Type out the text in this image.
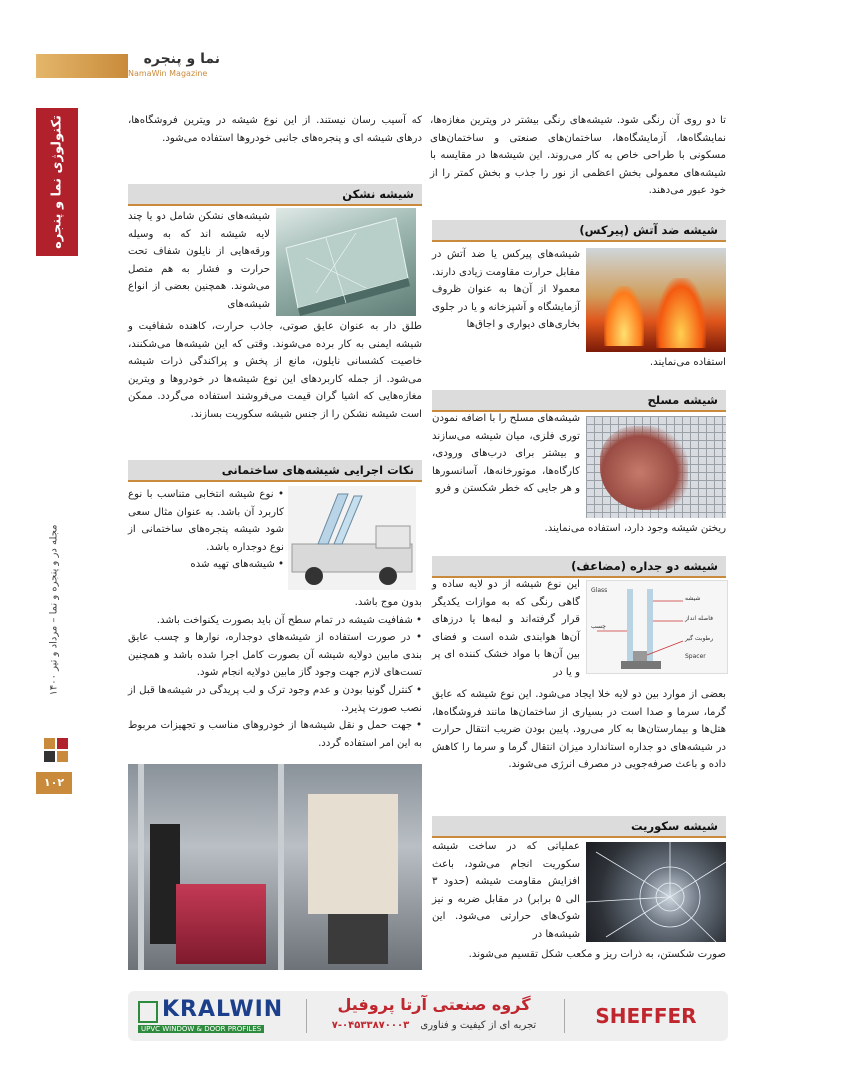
نما و پنجره
NamaWin Magazine
تکنولوژی نما و پنجره
مجله در و پنجره و نما – مرداد و تیر ۱۴۰۰
۱۰۲
تا دو روی آن رنگی شود. شیشه‌های رنگی بیشتر در ویترین مغازه‌ها، نمایشگاه‌ها، آزمایشگاه‌ها، ساختمان‌های صنعتی و ساختمان‌های مسکونی با طراحی خاص به کار می‌روند. این شیشه‌ها در مقایسه با شیشه‌های معمولی بخش اعظمی از نور را جذب و بخش کمتر را از خود عبور می‌دهند.
شیشه ضد آتش (پیرکس)
شیشه‌های پیرکس یا ضد آتش در مقابل حرارت مقاومت زیادی دارند. معمولا از آن‌ها به عنوان ظروف آزمایشگاه و آشپزخانه و یا در جلوی بخاری‌های دیواری و اجاق‌ها
استفاده می‌نمایند.
شیشه مسلح
شیشه‌های مسلح را با اضافه نمودن توری فلزی، میان شیشه می‌سازند و بیشتر برای درب‌های ورودی، کارگاه‌ها، موتورخانه‌ها، آسانسورها و هر جایی که خطر شکستن و فرو
ریختن شیشه وجود دارد، استفاده می‌نمایند.
شیشه دو جداره (مضاعف)
شیشه
فاصله انداز
رطوبت گیر
چسب
Glass
Spacer
این نوع شیشه از دو لایه ساده و گاهی رنگی که به موازات یکدیگر قرار گرفته‌اند و لبه‌ها یا درزهای آن‌ها هوابندی شده است و فضای بین آن‌ها با مواد خشک کننده ای پر و یا در
بعضی از موارد بین دو لایه خلا ایجاد می‌شود. این نوع شیشه که عایق گرما، سرما و صدا است در بسیاری از ساختمان‌ها مانند فروشگاه‌ها، هتل‌ها و بیمارستان‌ها به کار می‌رود. پایین بودن ضریب انتقال حرارت در شیشه‌های دو جداره استاندارد میزان انتقال گرما و سرما را کاهش داده و باعث صرفه‌جویی در مصرف انرژی می‌شوند.
شیشه سکوریت
عملیاتی که در ساخت شیشه سکوریت انجام می‌شود، باعث افزایش مقاومت شیشه (حدود ۳ الی ۵ برابر) در مقابل ضربه و نیز شوک‌های حرارتی می‌شود. این شیشه‌ها در
صورت شکستن، به ذرات ریز و مکعب شکل تقسیم می‌شوند.
که آسیب رسان نیستند. از این نوع شیشه در ویترین فروشگاه‌ها، درهای شیشه ای و پنجره‌های جانبی خودروها استفاده می‌شود.
شیشه نشکن
شیشه‌های نشکن شامل دو یا چند لایه شیشه اند که به وسیله ورقه‌هایی از نایلون شفاف تحت حرارت و فشار به هم متصل می‌شوند. همچنین بعضی از انواع شیشه‌های
طلق دار به عنوان عایق صوتی، جاذب حرارت، کاهنده شفافیت و شیشه ایمنی به کار برده می‌شوند. وقتی که این شیشه‌ها می‌شکنند، خاصیت کشسانی نایلون، مانع از پخش و پراکندگی ذرات شیشه می‌شود. از جمله کاربردهای این نوع شیشه‌ها در خودروها و ویترین مغازه‌هایی که اشیا گران قیمت می‌فروشند استفاده می‌گردد. ممکن است شیشه نشکن را از جنس شیشه سکوریت بسازند.
نکات اجرایی شیشه‌های ساختمانی
• نوع شیشه انتخابی متناسب با نوع کاربرد آن باشد. به عنوان مثال سعی شود شیشه پنجره‌های ساختمانی از نوع دوجداره باشد.
• شیشه‌های تهیه شده
بدون موج باشد.
• شفافیت شیشه در تمام سطح آن باید بصورت یکنواخت باشد.
• در صورت استفاده از شیشه‌های دوجداره، نوارها و چسب عایق بندی مابین دولایه شیشه آن بصورت کامل اجرا شده باشد و همچنین تست‌های لازم جهت وجود گاز مابین دولایه انجام شود.
• کنترل گونیا بودن و عدم وجود ترک و لب پریدگی در شیشه‌ها قبل از نصب صورت پذیرد.
• جهت حمل و نقل شیشه‌ها از خودروهای مناسب و تجهیزات مربوط به این امر استفاده گردد.
KRALWIN
UPVC WINDOW & DOOR PROFILES
گروه صنعتی آرتا پروفیل
تجربه ای از کیفیت و فناوری ۰۴۵۳۳۸۷۰۰۰۳-۷	SHEFFER
